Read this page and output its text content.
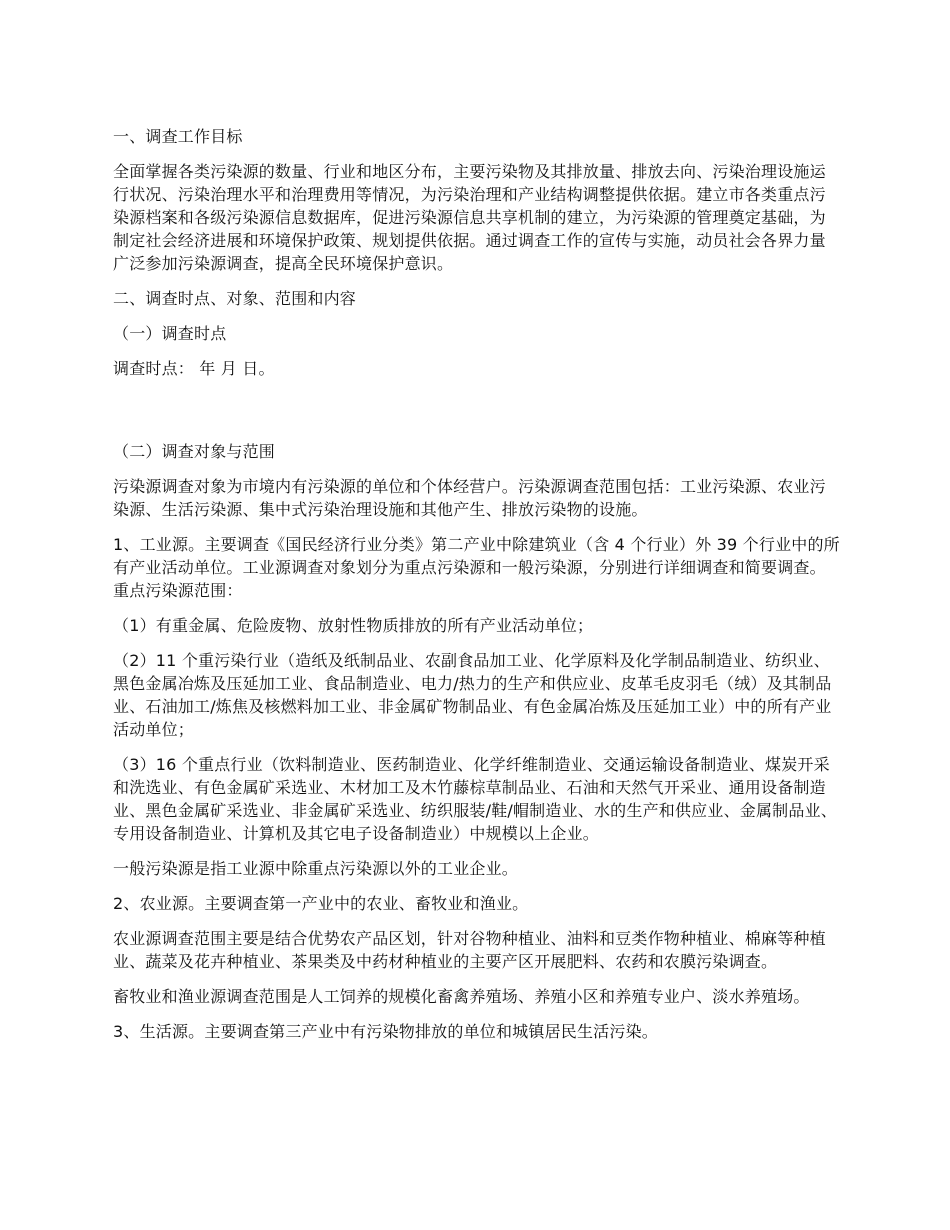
一、调查工作目标

全面掌握各类污染源的数量、行业和地区分布，主要污染物及其排放量、排放去向、污染治理设施运行状况、污染治理水平和治理费用等情况，为污染治理和产业结构调整提供依据。建立市各类重点污染源档案和各级污染源信息数据库，促进污染源信息共享机制的建立，为污染源的管理奠定基础，为制定社会经济进展和环境保护政策、规划提供依据。通过调查工作的宣传与实施，动员社会各界力量广泛参加污染源调查，提高全民环境保护意识。

二、调查时点、对象、范围和内容

（一）调查时点

调查时点： 年 月 日。

（二）调查对象与范围

污染源调查对象为市境内有污染源的单位和个体经营户。污染源调查范围包括：工业污染源、农业污染源、生活污染源、集中式污染治理设施和其他产生、排放污染物的设施。

1、工业源。主要调查《国民经济行业分类》第二产业中除建筑业（含 4 个行业）外 39 个行业中的所有产业活动单位。工业源调查对象划分为重点污染源和一般污染源，分别进行详细调查和简要调查。重点污染源范围：

（1）有重金属、危险废物、放射性物质排放的所有产业活动单位；

（2）11 个重污染行业（造纸及纸制品业、农副食品加工业、化学原料及化学制品制造业、纺织业、黑色金属冶炼及压延加工业、食品制造业、电力/热力的生产和供应业、皮革毛皮羽毛（绒）及其制品业、石油加工/炼焦及核燃料加工业、非金属矿物制品业、有色金属冶炼及压延加工业）中的所有产业活动单位；

（3）16 个重点行业（饮料制造业、医药制造业、化学纤维制造业、交通运输设备制造业、煤炭开采和洗选业、有色金属矿采选业、木材加工及木竹藤棕草制品业、石油和天然气开采业、通用设备制造业、黑色金属矿采选业、非金属矿采选业、纺织服装/鞋/帽制造业、水的生产和供应业、金属制品业、专用设备制造业、计算机及其它电子设备制造业）中规模以上企业。

一般污染源是指工业源中除重点污染源以外的工业企业。

2、农业源。主要调查第一产业中的农业、畜牧业和渔业。

农业源调查范围主要是结合优势农产品区划，针对谷物种植业、油料和豆类作物种植业、棉麻等种植业、蔬菜及花卉种植业、茶果类及中药材种植业的主要产区开展肥料、农药和农膜污染调查。

畜牧业和渔业源调查范围是人工饲养的规模化畜禽养殖场、养殖小区和养殖专业户、淡水养殖场。

3、生活源。主要调查第三产业中有污染物排放的单位和城镇居民生活污染。
